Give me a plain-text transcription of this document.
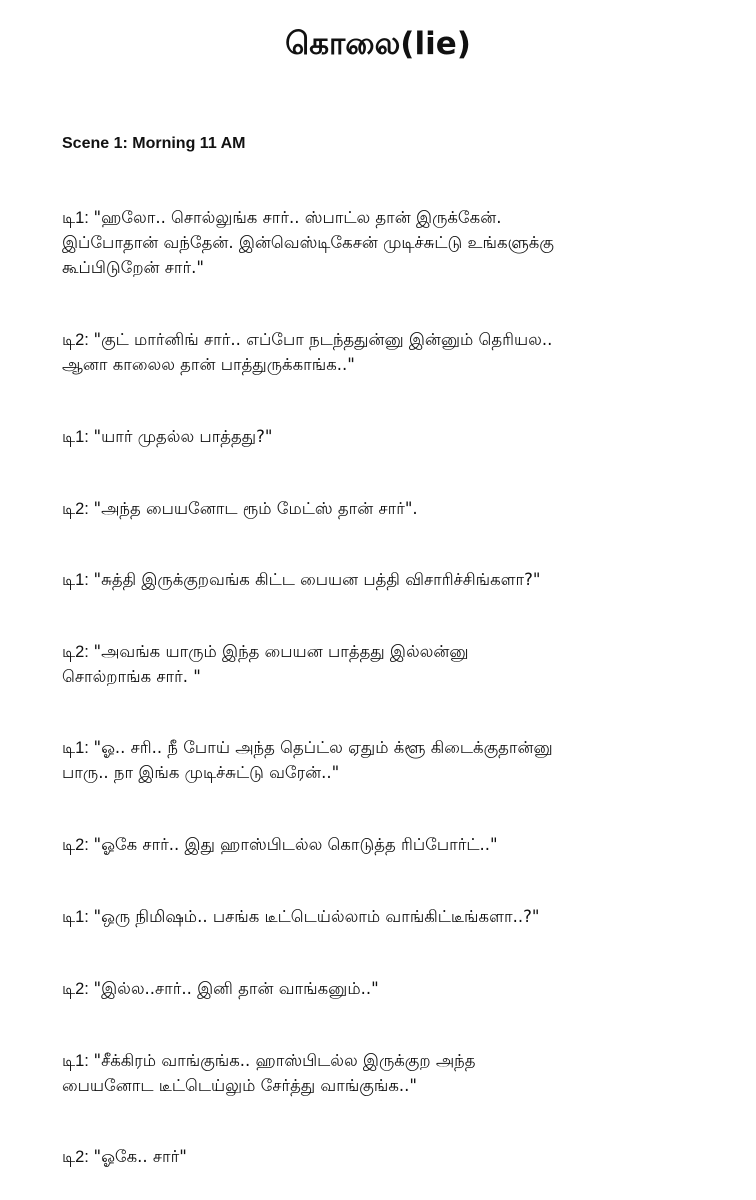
கொலை(lie)

Scene 1: Morning 11 AM

டி1: "ஹலோ.. சொல்லுங்க சார்.. ஸ்பாட்ல தான் இருக்கேன்.
இப்போதான் வந்தேன். இன்வெஸ்டிகேசன் முடிச்சுட்டு உங்களுக்கு
கூப்பிடுறேன் சார்."
டி2: "குட் மார்னிங் சார்.. எப்போ நடந்ததுன்னு இன்னும் தெரியல..
ஆனா காலைல தான் பாத்துருக்காங்க.."
டி1: "யார் முதல்ல பாத்தது?"
டி2: "அந்த பையனோட ரூம் மேட்ஸ் தான் சார்".
டி1: "சுத்தி இருக்குறவங்க கிட்ட பையன பத்தி விசாரிச்சிங்களா?"
டி2: "அவங்க யாரும் இந்த பையன பாத்தது இல்லன்னு
சொல்றாங்க சார். "
டி1: "ஓ.. சரி.. நீ போய் அந்த தெப்ட்ல ஏதும் க்ளூ கிடைக்குதான்னு
பாரு.. நா இங்க முடிச்சுட்டு வரேன்.."
டி2: "ஓகே சார்.. இது ஹாஸ்பிடல்ல கொடுத்த ரிப்போர்ட்.."
டி1: "ஒரு நிமிஷம்.. பசங்க டீட்டெய்ல்லாம் வாங்கிட்டீங்களா..?"
டி2: "இல்ல..சார்.. இனி தான் வாங்கனும்.."
டி1: "சீக்கிரம் வாங்குங்க.. ஹாஸ்பிடல்ல இருக்குற அந்த
பையனோட டீட்டெய்லும் சேர்த்து வாங்குங்க.."
டி2: "ஓகே.. சார்"
